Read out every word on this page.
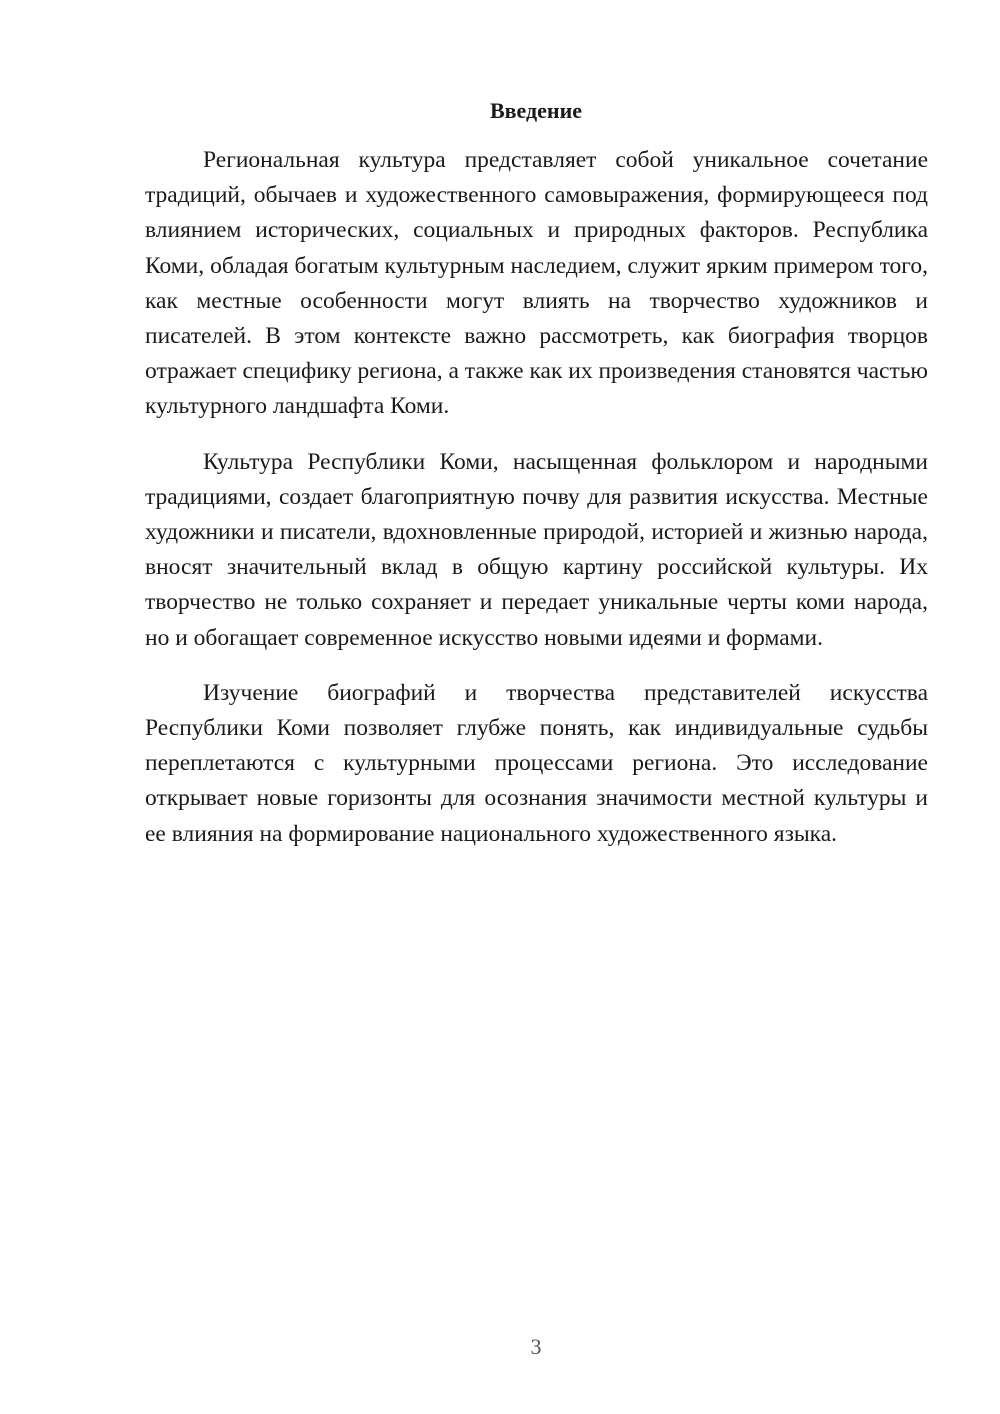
Введение

Региональная культура представляет собой уникальное сочетание традиций, обычаев и художественного самовыражения, формирующееся под влиянием исторических, социальных и природных факторов. Республика Коми, обладая богатым культурным наследием, служит ярким примером того, как местные особенности могут влиять на творчество художников и писателей. В этом контексте важно рассмотреть, как биография творцов отражает специфику региона, а также как их произведения становятся частью культурного ландшафта Коми.

Культура Республики Коми, насыщенная фольклором и народными традициями, создает благоприятную почву для развития искусства. Местные художники и писатели, вдохновленные природой, историей и жизнью народа, вносят значительный вклад в общую картину российской культуры. Их творчество не только сохраняет и передает уникальные черты коми народа, но и обогащает современное искусство новыми идеями и формами.

Изучение биографий и творчества представителей искусства Республики Коми позволяет глубже понять, как индивидуальные судьбы переплетаются с культурными процессами региона. Это исследование открывает новые горизонты для осознания значимости местной культуры и ее влияния на формирование национального художественного языка.

3
